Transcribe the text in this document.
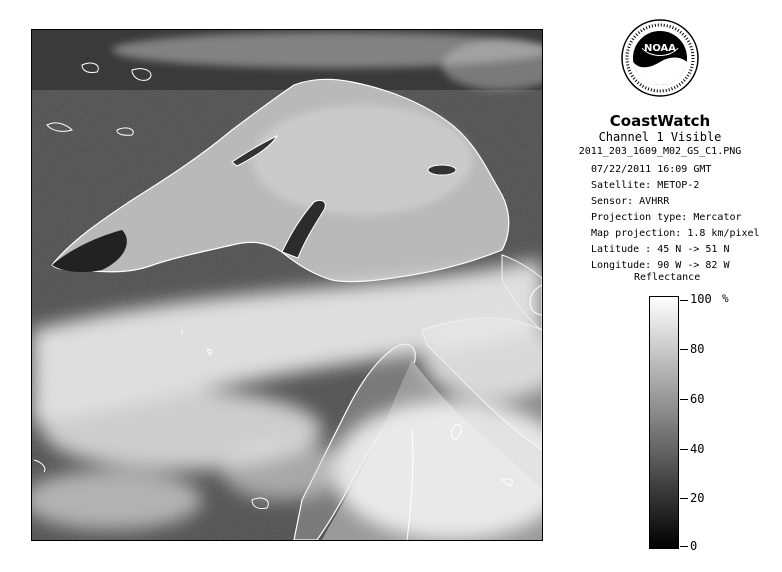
NOAA
CoastWatch
Channel 1 Visible
2011_203_1609_M02_GS_C1.PNG
07/22/2011 16:09 GMT
Satellite: METOP-2
Sensor: AVHRR
Projection type: Mercator
Map projection: 1.8 km/pixel
Latitude : 45 N -> 51 N
Longitude: 90 W -> 82 W
Reflectance
%
100
80
60
40
20
0
